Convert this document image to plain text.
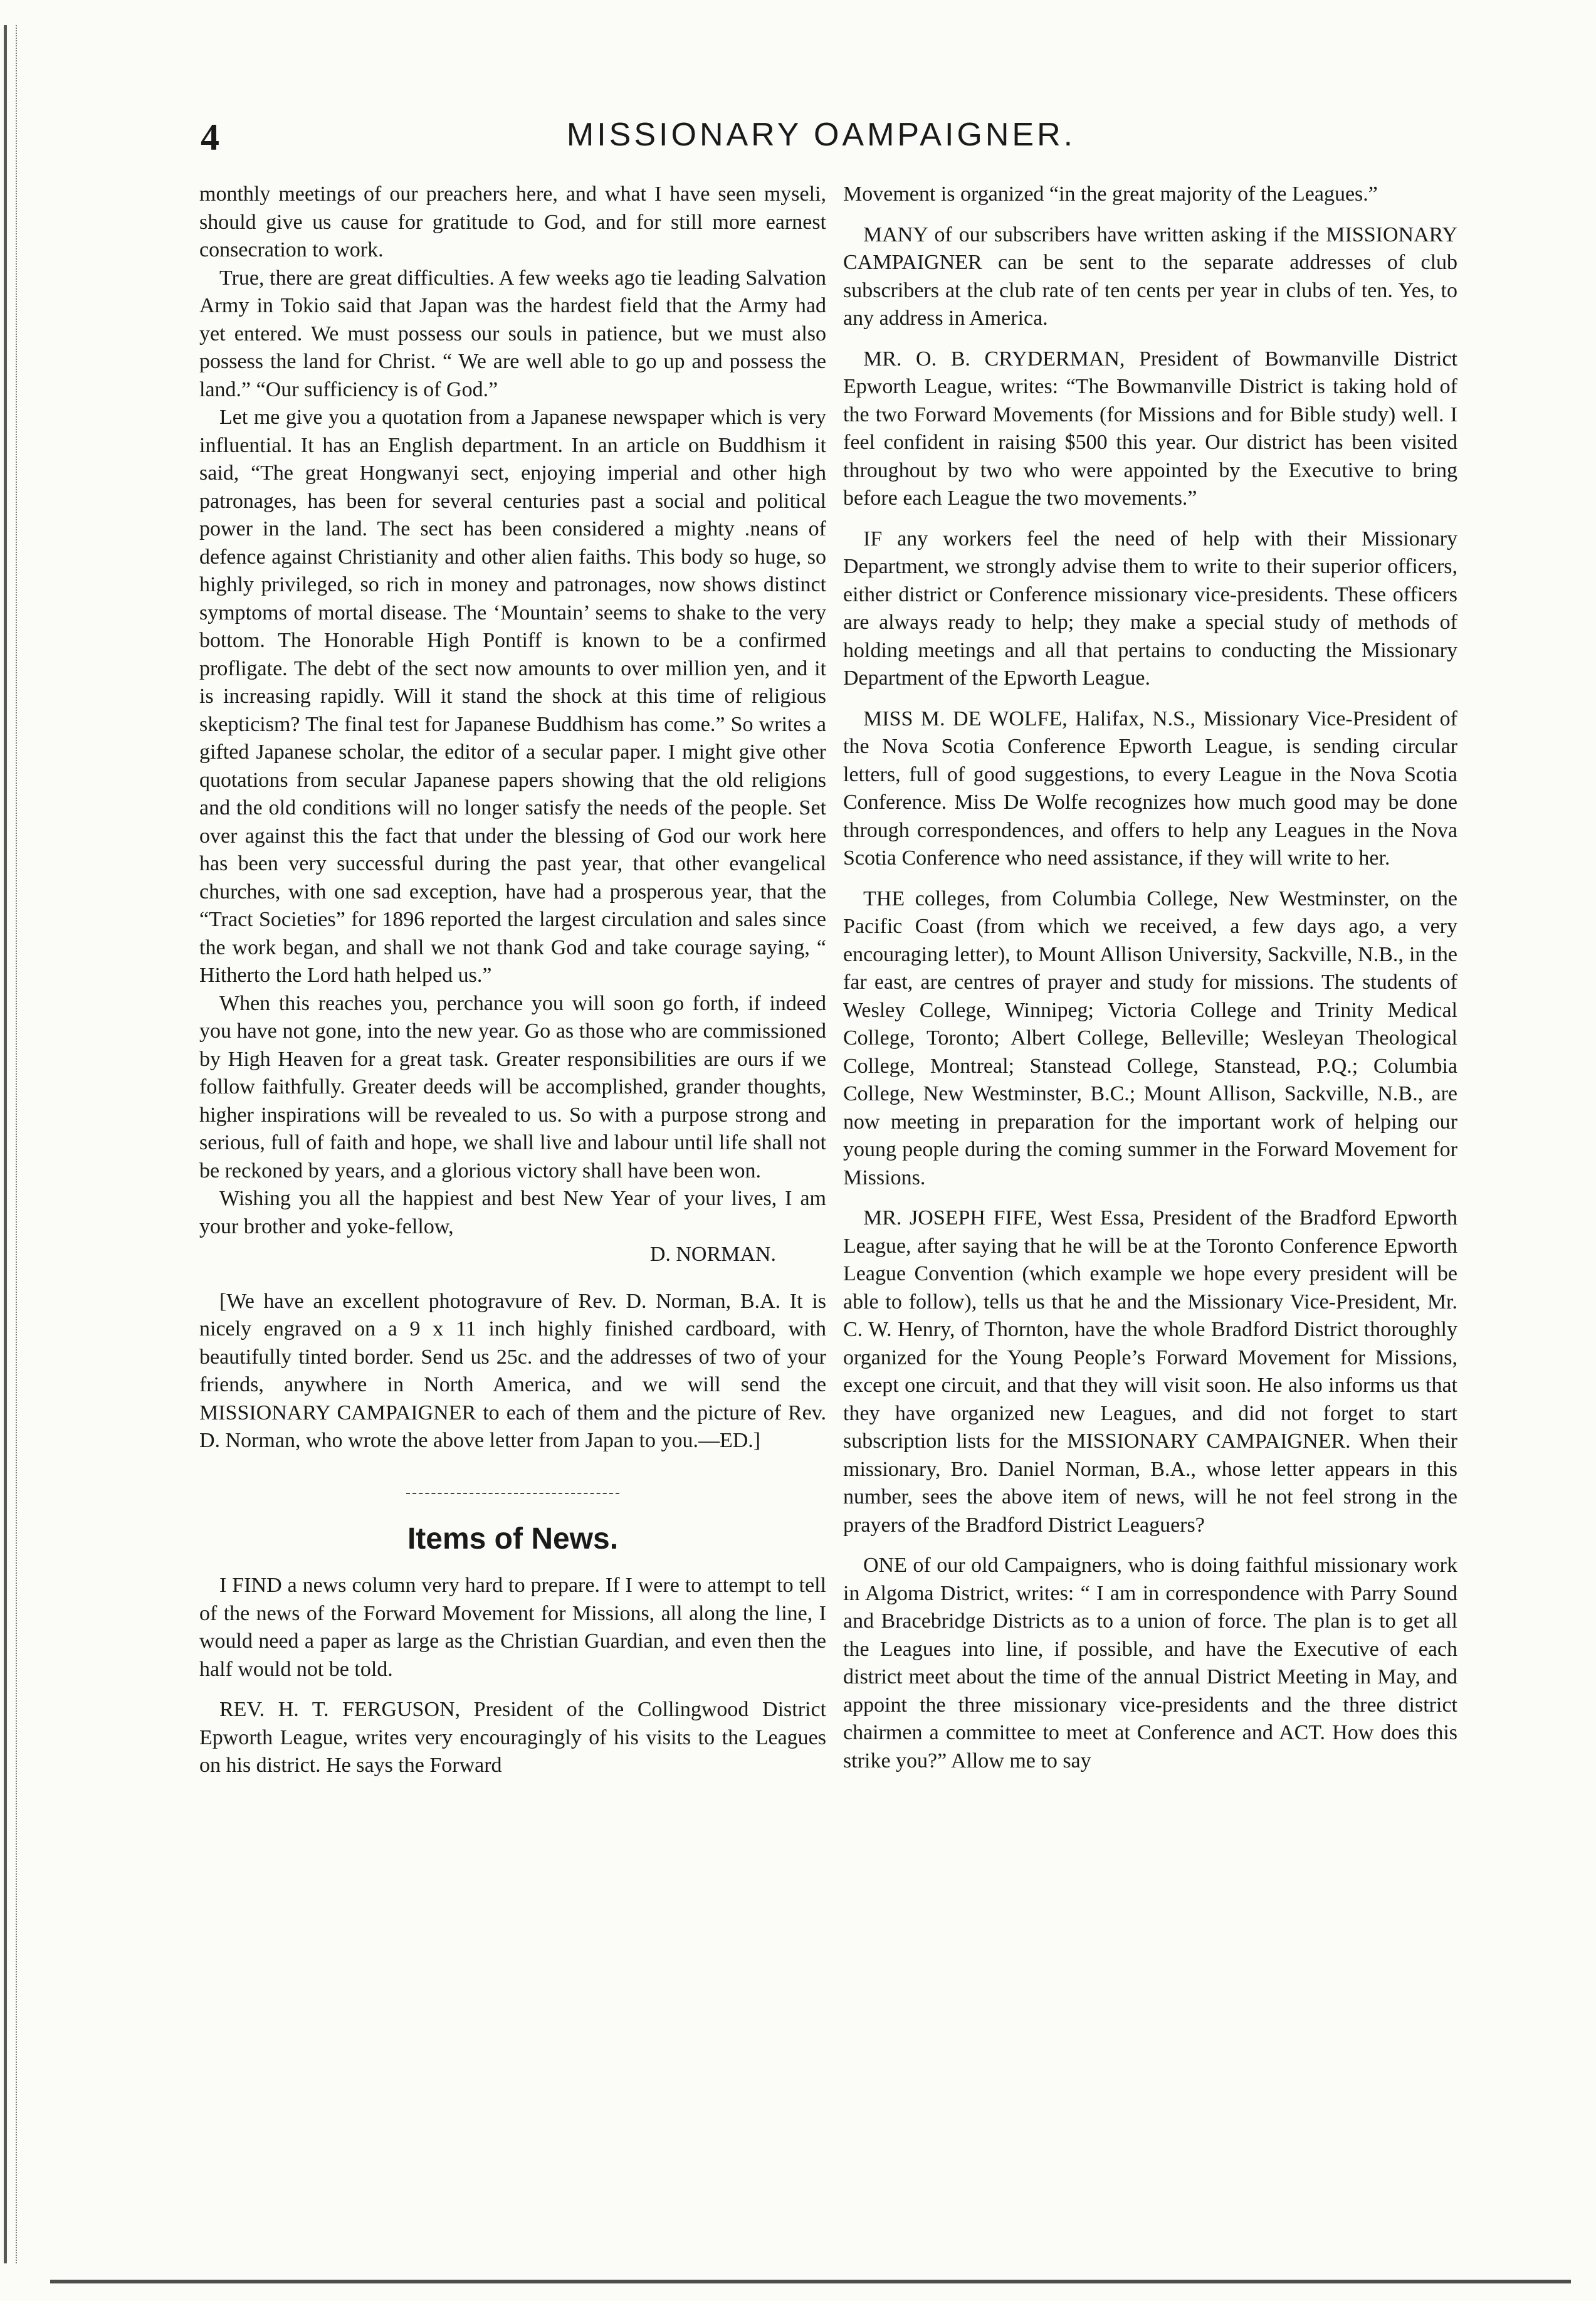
4	MISSIONARY OAMPAIGNER.

monthly meetings of our preachers here, and what I have seen myseli, should give us cause for gratitude to God, and for still more earnest consecration to work.

True, there are great difficulties. A few weeks ago tie leading Salvation Army in Tokio said that Japan was the hardest field that the Army had yet entered. We must possess our souls in patience, but we must also possess the land for Christ. “ We are well able to go up and possess the land.” “Our sufficiency is of God.”

Let me give you a quotation from a Japanese newspaper which is very influential. It has an English department. In an article on Buddhism it said, “The great Hongwanyi sect, enjoying imperial and other high patronages, has been for several centuries past a social and political power in the land. The sect has been considered a mighty .neans of defence against Christianity and other alien faiths. This body so huge, so highly privileged, so rich in money and patronages, now shows distinct symptoms of mortal disease. The ‘Mountain’ seems to shake to the very bottom. The Honorable High Pontiff is known to be a confirmed profligate. The debt of the sect now amounts to over million yen, and it is increasing rapidly. Will it stand the shock at this time of religious skepticism? The final test for Japanese Buddhism has come.” So writes a gifted Japanese scholar, the editor of a secular paper. I might give other quotations from secular Japanese papers showing that the old religions and the old conditions will no longer satisfy the needs of the people. Set over against this the fact that under the blessing of God our work here has been very successful during the past year, that other evangelical churches, with one sad exception, have had a prosperous year, that the “Tract Societies” for 1896 reported the largest circulation and sales since the work began, and shall we not thank God and take courage saying, “ Hitherto the Lord hath helped us.”

When this reaches you, perchance you will soon go forth, if indeed you have not gone, into the new year. Go as those who are commissioned by High Heaven for a great task. Greater responsibilities are ours if we follow faithfully. Greater deeds will be accomplished, grander thoughts, higher inspirations will be revealed to us. So with a purpose strong and serious, full of faith and hope, we shall live and labour until life shall not be reckoned by years, and a glorious victory shall have been won.

Wishing you all the happiest and best New Year of your lives, I am your brother and yoke-fellow,

D. NORMAN.

[We have an excellent photogravure of Rev. D. Norman, B.A. It is nicely engraved on a 9 x 11 inch highly finished cardboard, with beautifully tinted border. Send us 25c. and the addresses of two of your friends, anywhere in North America, and we will send the MISSIONARY CAMPAIGNER to each of them and the picture of Rev. D. Norman, who wrote the above letter from Japan to you.—ED.]

Items of News.

I FIND a news column very hard to prepare. If I were to attempt to tell of the news of the Forward Movement for Missions, all along the line, I would need a paper as large as the Christian Guardian, and even then the half would not be told.

REV. H. T. FERGUSON, President of the Collingwood District Epworth League, writes very encouragingly of his visits to the Leagues on his district. He says the Forward

Movement is organized “in the great majority of the Leagues.”

MANY of our subscribers have written asking if the MISSIONARY CAMPAIGNER can be sent to the separate addresses of club subscribers at the club rate of ten cents per year in clubs of ten. Yes, to any address in America.

MR. O. B. CRYDERMAN, President of Bowmanville District Epworth League, writes: “The Bowmanville District is taking hold of the two Forward Movements (for Missions and for Bible study) well. I feel confident in raising $500 this year. Our district has been visited throughout by two who were appointed by the Executive to bring before each League the two movements.”

IF any workers feel the need of help with their Missionary Department, we strongly advise them to write to their superior officers, either district or Conference missionary vice-presidents. These officers are always ready to help; they make a special study of methods of holding meetings and all that pertains to conducting the Missionary Department of the Epworth League.

MISS M. DE WOLFE, Halifax, N.S., Missionary Vice-President of the Nova Scotia Conference Epworth League, is sending circular letters, full of good suggestions, to every League in the Nova Scotia Conference. Miss De Wolfe recognizes how much good may be done through correspondences, and offers to help any Leagues in the Nova Scotia Conference who need assistance, if they will write to her.

THE colleges, from Columbia College, New Westminster, on the Pacific Coast (from which we received, a few days ago, a very encouraging letter), to Mount Allison University, Sackville, N.B., in the far east, are centres of prayer and study for missions. The students of Wesley College, Winnipeg; Victoria College and Trinity Medical College, Toronto; Albert College, Belleville; Wesleyan Theological College, Montreal; Stanstead College, Stanstead, P.Q.; Columbia College, New Westminster, B.C.; Mount Allison, Sackville, N.B., are now meeting in preparation for the important work of helping our young people during the coming summer in the Forward Movement for Missions.

MR. JOSEPH FIFE, West Essa, President of the Bradford Epworth League, after saying that he will be at the Toronto Conference Epworth League Convention (which example we hope every president will be able to follow), tells us that he and the Missionary Vice-President, Mr. C. W. Henry, of Thornton, have the whole Bradford District thoroughly organized for the Young People’s Forward Movement for Missions, except one circuit, and that they will visit soon. He also informs us that they have organized new Leagues, and did not forget to start subscription lists for the MISSIONARY CAMPAIGNER. When their missionary, Bro. Daniel Norman, B.A., whose letter appears in this number, sees the above item of news, will he not feel strong in the prayers of the Bradford District Leaguers?

ONE of our old Campaigners, who is doing faithful missionary work in Algoma District, writes: “ I am in correspondence with Parry Sound and Bracebridge Districts as to a union of force. The plan is to get all the Leagues into line, if possible, and have the Executive of each district meet about the time of the annual District Meeting in May, and appoint the three missionary vice-presidents and the three district chairmen a committee to meet at Conference and ACT. How does this strike you?” Allow me to say
